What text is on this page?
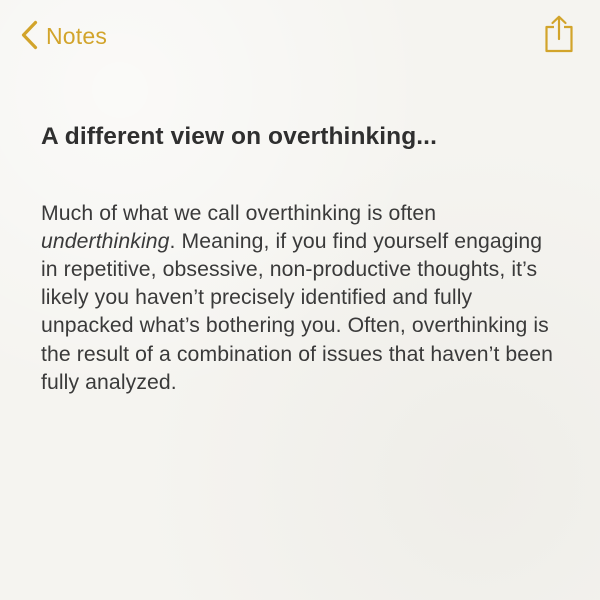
Notes
A different view on overthinking...

Much of what we call overthinking is often underthinking. Meaning, if you find yourself engaging in repetitive, obsessive, non-productive thoughts, it’s likely you haven’t precisely identified and fully unpacked what’s bothering you. Often, overthinking is the result of a combination of issues that haven’t been fully analyzed.
